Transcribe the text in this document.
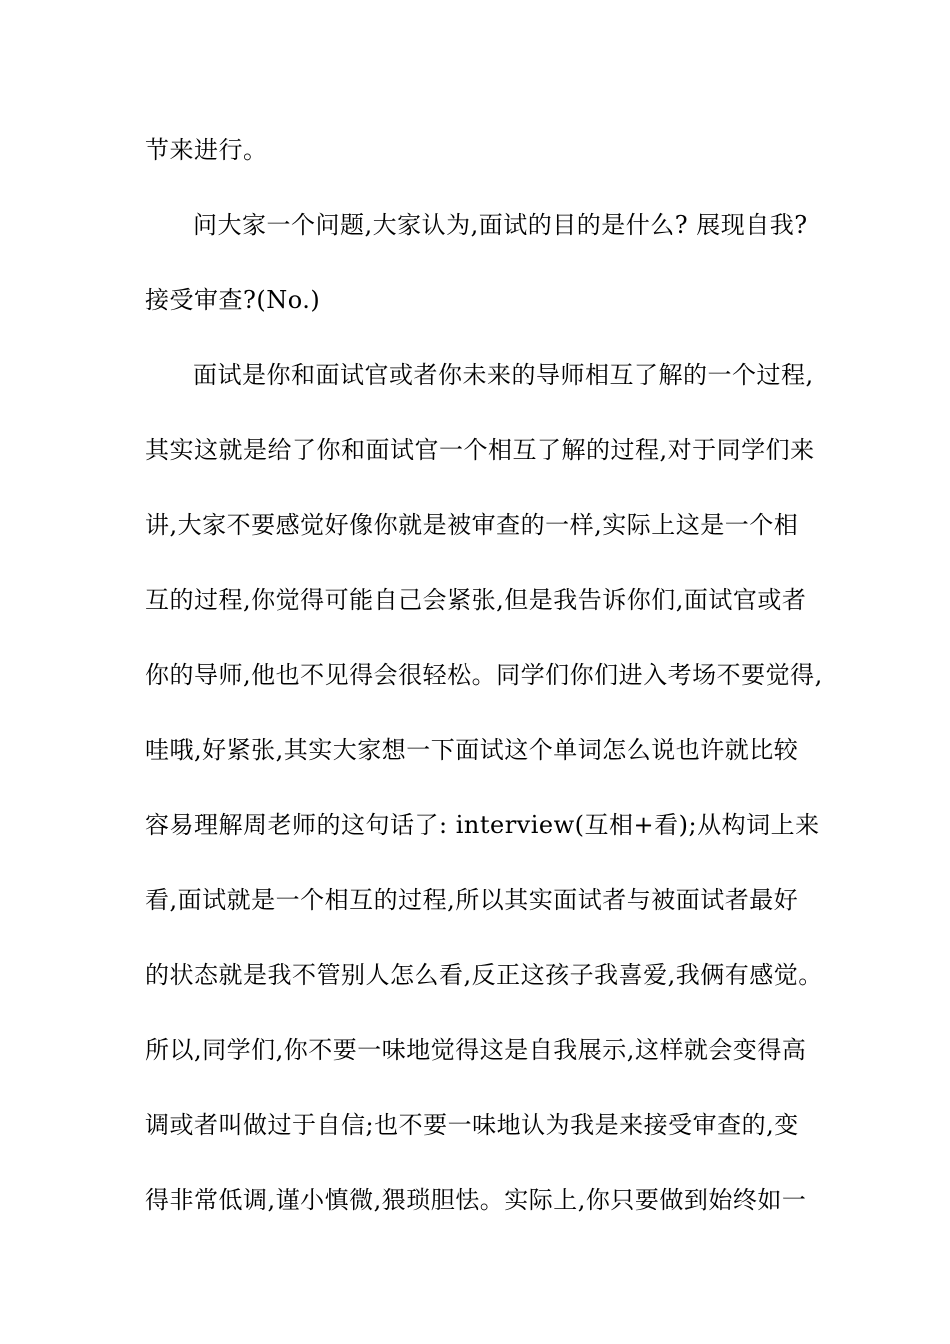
节来进行。
问大家一个问题,大家认为,面试的目的是什么? 展现自我?
接受审查?(No.)
面试是你和面试官或者你未来的导师相互了解的一个过程,
其实这就是给了你和面试官一个相互了解的过程,对于同学们来
讲,大家不要感觉好像你就是被审查的一样,实际上这是一个相
互的过程,你觉得可能自己会紧张,但是我告诉你们,面试官或者
你的导师,他也不见得会很轻松。同学们你们进入考场不要觉得,
哇哦,好紧张,其实大家想一下面试这个单词怎么说也许就比较
容易理解周老师的这句话了: interview(互相+看);从构词上来
看,面试就是一个相互的过程,所以其实面试者与被面试者最好
的状态就是我不管别人怎么看,反正这孩子我喜爱,我俩有感觉。
所以,同学们,你不要一味地觉得这是自我展示,这样就会变得高
调或者叫做过于自信;也不要一味地认为我是来接受审查的,变
得非常低调,谨小慎微,猥琐胆怯。实际上,你只要做到始终如一
